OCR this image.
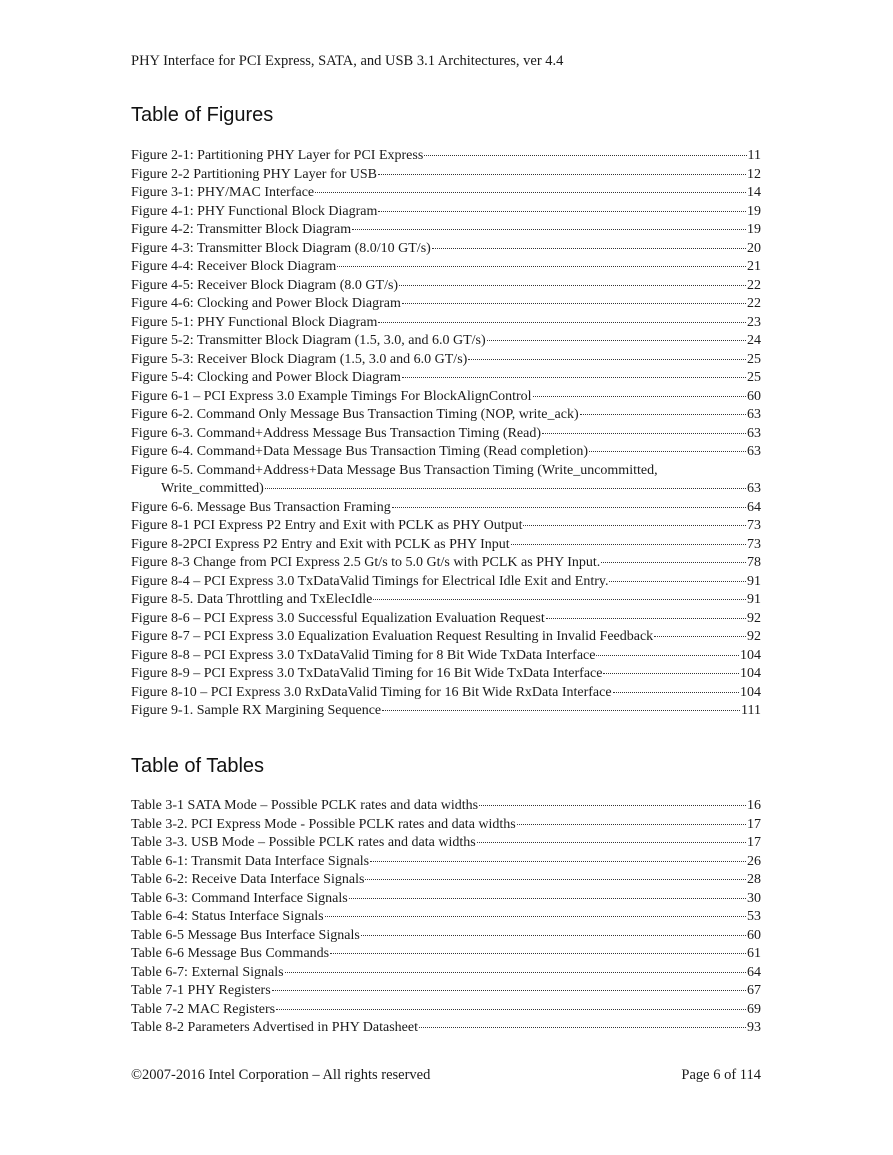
PHY Interface for PCI Express, SATA, and USB 3.1 Architectures, ver 4.4
Table of Figures
Figure 2-1: Partitioning PHY Layer for PCI Express	11
Figure 2-2 Partitioning PHY Layer for USB	12
Figure 3-1: PHY/MAC Interface	14
Figure 4-1: PHY Functional Block Diagram	19
Figure 4-2: Transmitter Block Diagram	19
Figure 4-3: Transmitter Block Diagram (8.0/10 GT/s)	20
Figure 4-4: Receiver Block Diagram	21
Figure 4-5: Receiver Block Diagram (8.0 GT/s)	22
Figure 4-6: Clocking and Power Block Diagram	22
Figure 5-1: PHY Functional Block Diagram	23
Figure 5-2: Transmitter Block Diagram (1.5, 3.0, and 6.0 GT/s)	24
Figure 5-3: Receiver Block Diagram (1.5, 3.0 and 6.0 GT/s)	25
Figure 5-4: Clocking and Power Block Diagram	25
Figure 6-1 – PCI Express 3.0 Example Timings For BlockAlignControl	60
Figure 6-2. Command Only Message Bus Transaction Timing (NOP, write_ack)	63
Figure 6-3. Command+Address Message Bus Transaction Timing (Read)	63
Figure 6-4. Command+Data Message Bus Transaction Timing (Read completion)	63
Figure 6-5. Command+Address+Data Message Bus Transaction Timing (Write_uncommitted,
Write_committed)	63
Figure 6-6. Message Bus Transaction Framing	64
Figure 8-1 PCI Express P2 Entry and Exit with PCLK as PHY Output	73
Figure 8-2PCI Express P2 Entry and Exit with PCLK as PHY Input	73
Figure 8-3 Change from PCI Express 2.5 Gt/s to 5.0 Gt/s with PCLK as PHY Input.	78
Figure 8-4 – PCI Express 3.0 TxDataValid Timings for Electrical Idle Exit and Entry.	91
Figure 8-5. Data Throttling and TxElecIdle	91
Figure 8-6 – PCI Express 3.0 Successful Equalization Evaluation Request	92
Figure 8-7 – PCI Express 3.0 Equalization Evaluation Request Resulting in Invalid Feedback	92
Figure 8-8 – PCI Express 3.0 TxDataValid Timing for 8 Bit Wide TxData Interface	104
Figure 8-9 – PCI Express 3.0 TxDataValid Timing for 16 Bit Wide TxData Interface	104
Figure 8-10 – PCI Express 3.0 RxDataValid Timing for 16 Bit Wide RxData Interface	104
Figure 9-1. Sample RX Margining Sequence	111
Table of Tables
Table 3-1 SATA Mode – Possible PCLK rates and data widths	16
Table 3-2. PCI Express Mode - Possible PCLK rates and data widths	17
Table 3-3. USB Mode – Possible PCLK rates and data widths	17
Table 6-1: Transmit Data Interface Signals	26
Table 6-2: Receive Data Interface Signals	28
Table 6-3: Command Interface Signals	30
Table 6-4: Status Interface Signals	53
Table 6-5 Message Bus Interface Signals	60
Table 6-6 Message Bus Commands	61
Table 6-7: External Signals	64
Table 7-1 PHY Registers	67
Table 7-2 MAC Registers	69
Table 8-2 Parameters Advertised in PHY Datasheet	93
©2007-2016 Intel Corporation – All rights reserved	Page 6 of 114
